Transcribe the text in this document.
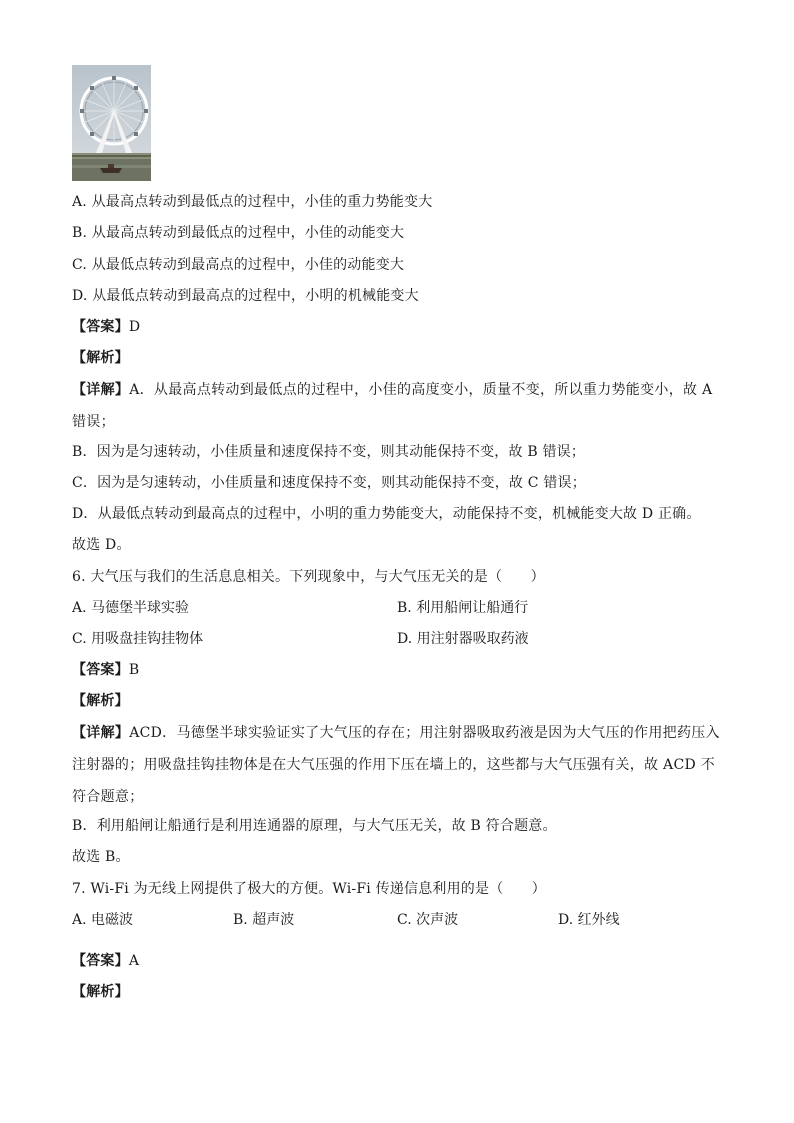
A. 从最高点转动到最低点的过程中，小佳的重力势能变大
B. 从最高点转动到最低点的过程中，小佳的动能变大
C. 从最低点转动到最高点的过程中，小佳的动能变大
D. 从最低点转动到最高点的过程中，小明的机械能变大
【答案】D
【解析】
【详解】A．从最高点转动到最低点的过程中，小佳的高度变小，质量不变，所以重力势能变小，故 A 错误；
B．因为是匀速转动，小佳质量和速度保持不变，则其动能保持不变，故 B 错误；
C．因为是匀速转动，小佳质量和速度保持不变，则其动能保持不变，故 C 错误；
D．从最低点转动到最高点的过程中，小明的重力势能变大，动能保持不变，机械能变大故 D 正确。
故选 D。
6. 大气压与我们的生活息息相关。下列现象中，与大气压无关的是（　　）
A. 马德堡半球实验	B. 利用船闸让船通行
C. 用吸盘挂钩挂物体	D. 用注射器吸取药液
【答案】B
【解析】
【详解】ACD．马德堡半球实验证实了大气压的存在；用注射器吸取药液是因为大气压的作用把药压入注射器的；用吸盘挂钩挂物体是在大气压强的作用下压在墙上的，这些都与大气压强有关，故 ACD 不符合题意；
B．利用船闸让船通行是利用连通器的原理，与大气压无关，故 B 符合题意。
故选 B。
7. Wi-Fi 为无线上网提供了极大的方便。Wi-Fi 传递信息利用的是（　　）
A. 电磁波	B. 超声波	C. 次声波	D. 红外线
【答案】A
【解析】
